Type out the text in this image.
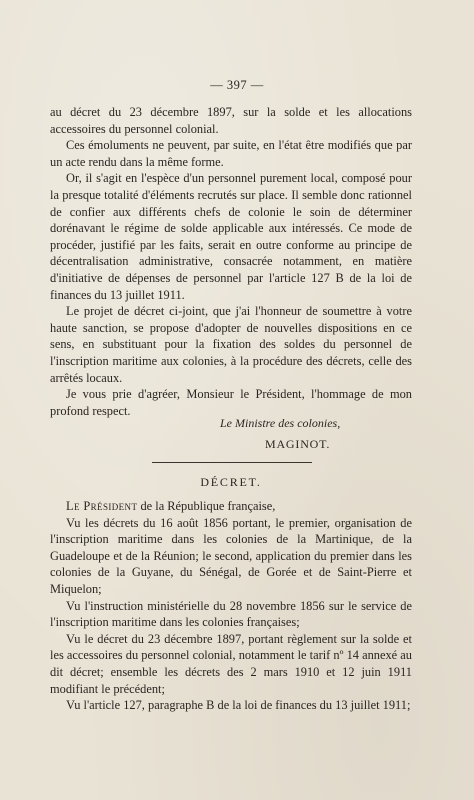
— 397 —

au décret du 23 décembre 1897, sur la solde et les allocations accessoires du personnel colonial.

Ces émoluments ne peuvent, par suite, en l'état être modifiés que par un acte rendu dans la même forme.

Or, il s'agit en l'espèce d'un personnel purement local, composé pour la presque totalité d'éléments recrutés sur place. Il semble donc rationnel de confier aux différents chefs de colonie le soin de déterminer dorénavant le régime de solde applicable aux intéressés. Ce mode de procéder, justifié par les faits, serait en outre conforme au principe de décentralisation administrative, consacrée notamment, en matière d'initiative de dépenses de personnel par l'article 127 B de la loi de finances du 13 juillet 1911.

Le projet de décret ci-joint, que j'ai l'honneur de soumettre à votre haute sanction, se propose d'adopter de nouvelles dispositions en ce sens, en substituant pour la fixation des soldes du personnel de l'inscription maritime aux colonies, à la procédure des décrets, celle des arrêtés locaux.

Je vous prie d'agréer, Monsieur le Président, l'hommage de mon profond respect.

Le Ministre des colonies,
MAGINOT.
DÉCRET.

Le Président de la République française,

Vu les décrets du 16 août 1856 portant, le premier, organisation de l'inscription maritime dans les colonies de la Martinique, de la Guadeloupe et de la Réunion; le second, application du premier dans les colonies de la Guyane, du Sénégal, de Gorée et de Saint-Pierre et Miquelon;

Vu l'instruction ministérielle du 28 novembre 1856 sur le service de l'inscription maritime dans les colonies françaises;

Vu le décret du 23 décembre 1897, portant règlement sur la solde et les accessoires du personnel colonial, notamment le tarif nº 14 annexé au dit décret; ensemble les décrets des 2 mars 1910 et 12 juin 1911 modifiant le précédent;

Vu l'article 127, paragraphe B de la loi de finances du 13 juillet 1911;
